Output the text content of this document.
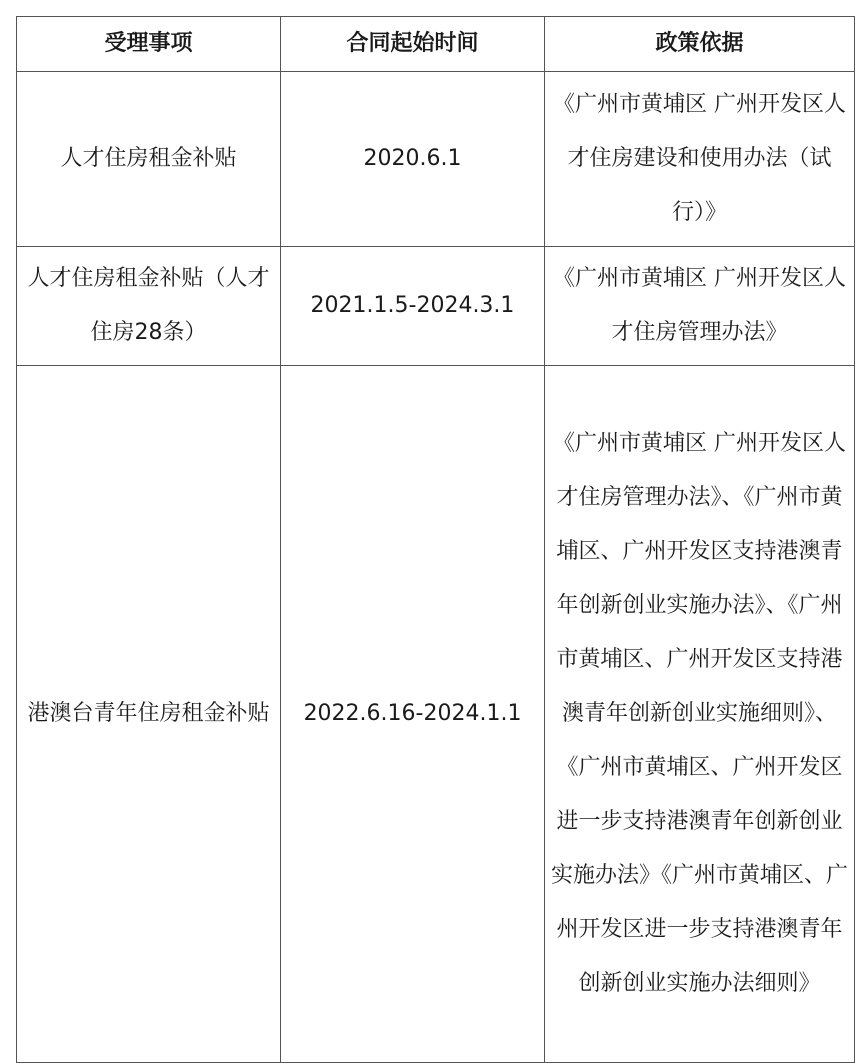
受理事项	合同起始时间	政策依据
人才住房租金补贴	2020.6.1	《广州市黄埔区 广州开发区人才住房建设和使用办法（试行）》
人才住房租金补贴（人才住房28条）	2021.1.5-2024.3.1	《广州市黄埔区 广州开发区人才住房管理办法》
港澳台青年住房租金补贴	2022.6.16-2024.1.1	《广州市黄埔区 广州开发区人才住房管理办法》、《广州市黄埔区、广州开发区支持港澳青年创新创业实施办法》、《广州市黄埔区、广州开发区支持港澳青年创新创业实施细则》、《广州市黄埔区、广州开发区进一步支持港澳青年创新创业实施办法》《广州市黄埔区、广州开发区进一步支持港澳青年创新创业实施办法细则》
